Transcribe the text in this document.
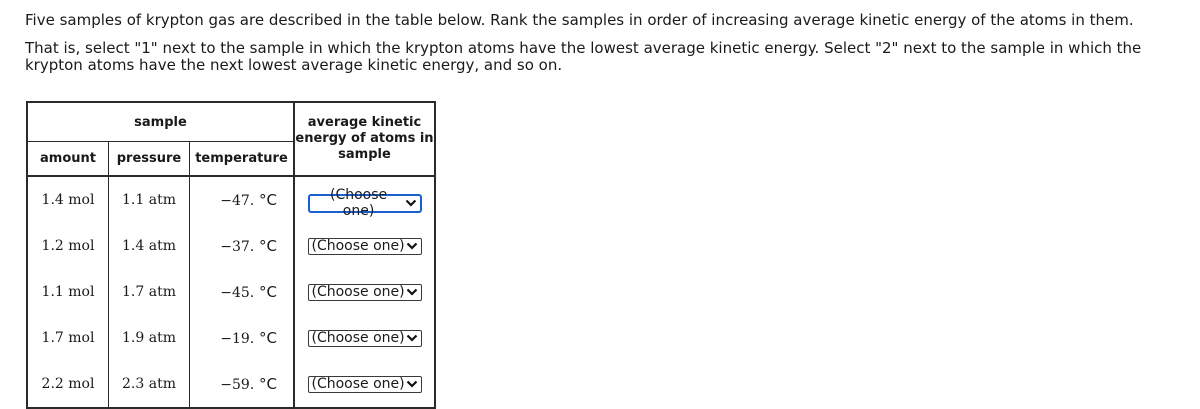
Five samples of krypton gas are described in the table below. Rank the samples in order of increasing average kinetic energy of the atoms in them.

That is, select "1" next to the sample in which the krypton atoms have the lowest average kinetic energy. Select "2" next to the sample in which the krypton atoms have the next lowest average kinetic energy, and so on.

sample			average kinetic energy of atoms in sample

amount	pressure	temperature	
1.4 mol	1.1 atm	−47. °C	(Choose one)

1.2 mol	1.4 atm	−37. °C	(Choose one)

1.1 mol	1.7 atm	−45. °C	(Choose one)

1.7 mol	1.9 atm	−19. °C	(Choose one)

2.2 mol	2.3 atm	−59. °C	(Choose one)
